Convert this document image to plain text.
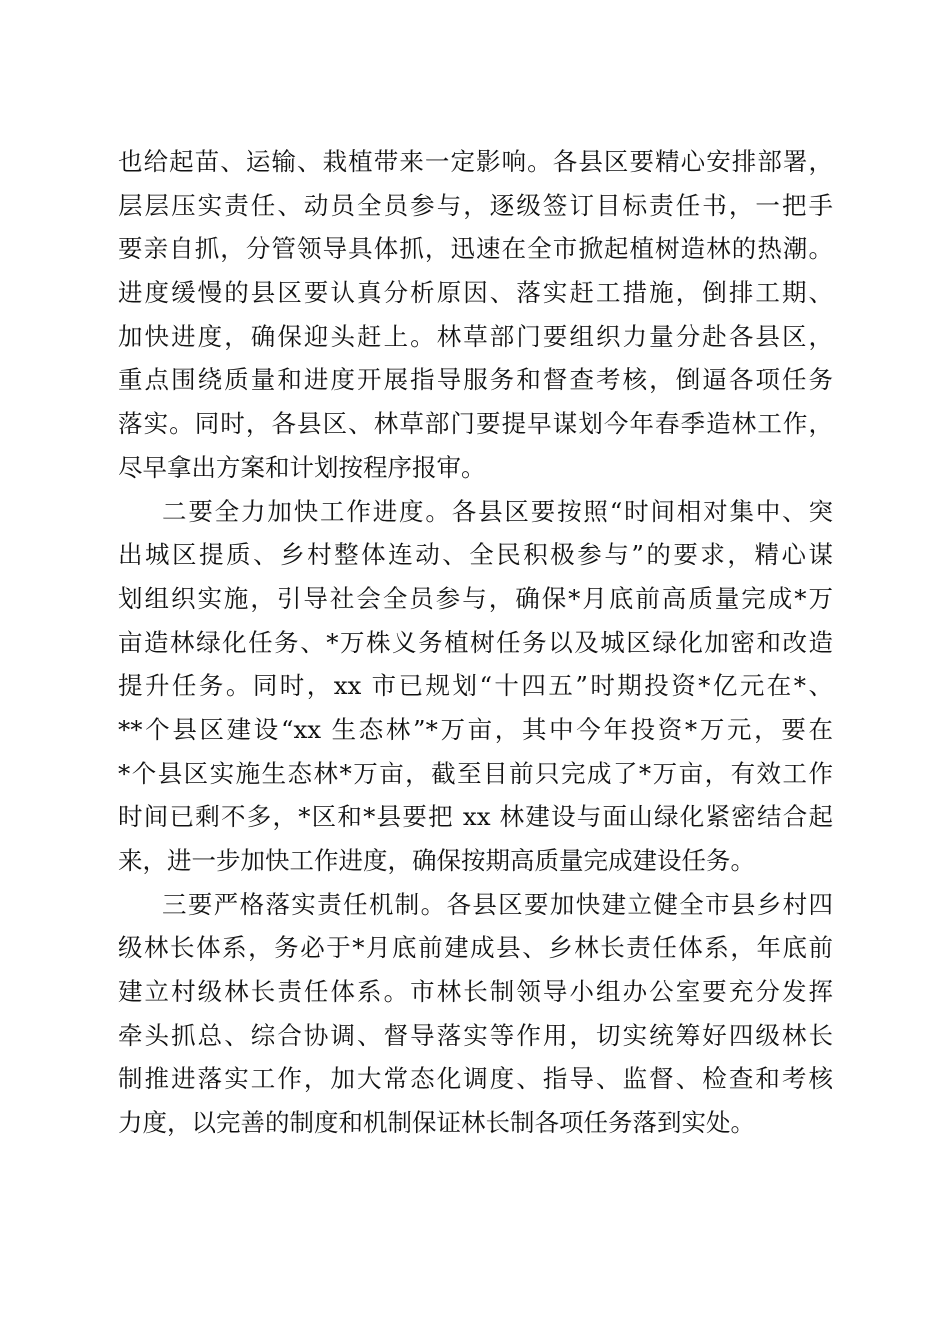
也给起苗、运输、栽植带来一定影响。各县区要精心安排部署，
层层压实责任、动员全员参与，逐级签订目标责任书，一把手
要亲自抓，分管领导具体抓，迅速在全市掀起植树造林的热潮。
进度缓慢的县区要认真分析原因、落实赶工措施，倒排工期、
加快进度，确保迎头赶上。林草部门要组织力量分赴各县区，
重点围绕质量和进度开展指导服务和督查考核，倒逼各项任务
落实。同时，各县区、林草部门要提早谋划今年春季造林工作，
尽早拿出方案和计划按程序报审。
二要全力加快工作进度。各县区要按照“时间相对集中、突
出城区提质、乡村整体连动、全民积极参与”的要求，精心谋
划组织实施，引导社会全员参与，确保*月底前高质量完成*万
亩造林绿化任务、*万株义务植树任务以及城区绿化加密和改造
提升任务。同时，xx 市已规划“十四五”时期投资*亿元在*、
**个县区建设“xx 生态林”*万亩，其中今年投资*万元，要在
*个县区实施生态林*万亩，截至目前只完成了*万亩，有效工作
时间已剩不多，*区和*县要把 xx 林建设与面山绿化紧密结合起
来，进一步加快工作进度，确保按期高质量完成建设任务。
三要严格落实责任机制。各县区要加快建立健全市县乡村四
级林长体系，务必于*月底前建成县、乡林长责任体系，年底前
建立村级林长责任体系。市林长制领导小组办公室要充分发挥
牵头抓总、综合协调、督导落实等作用，切实统筹好四级林长
制推进落实工作，加大常态化调度、指导、监督、检查和考核
力度，以完善的制度和机制保证林长制各项任务落到实处。
